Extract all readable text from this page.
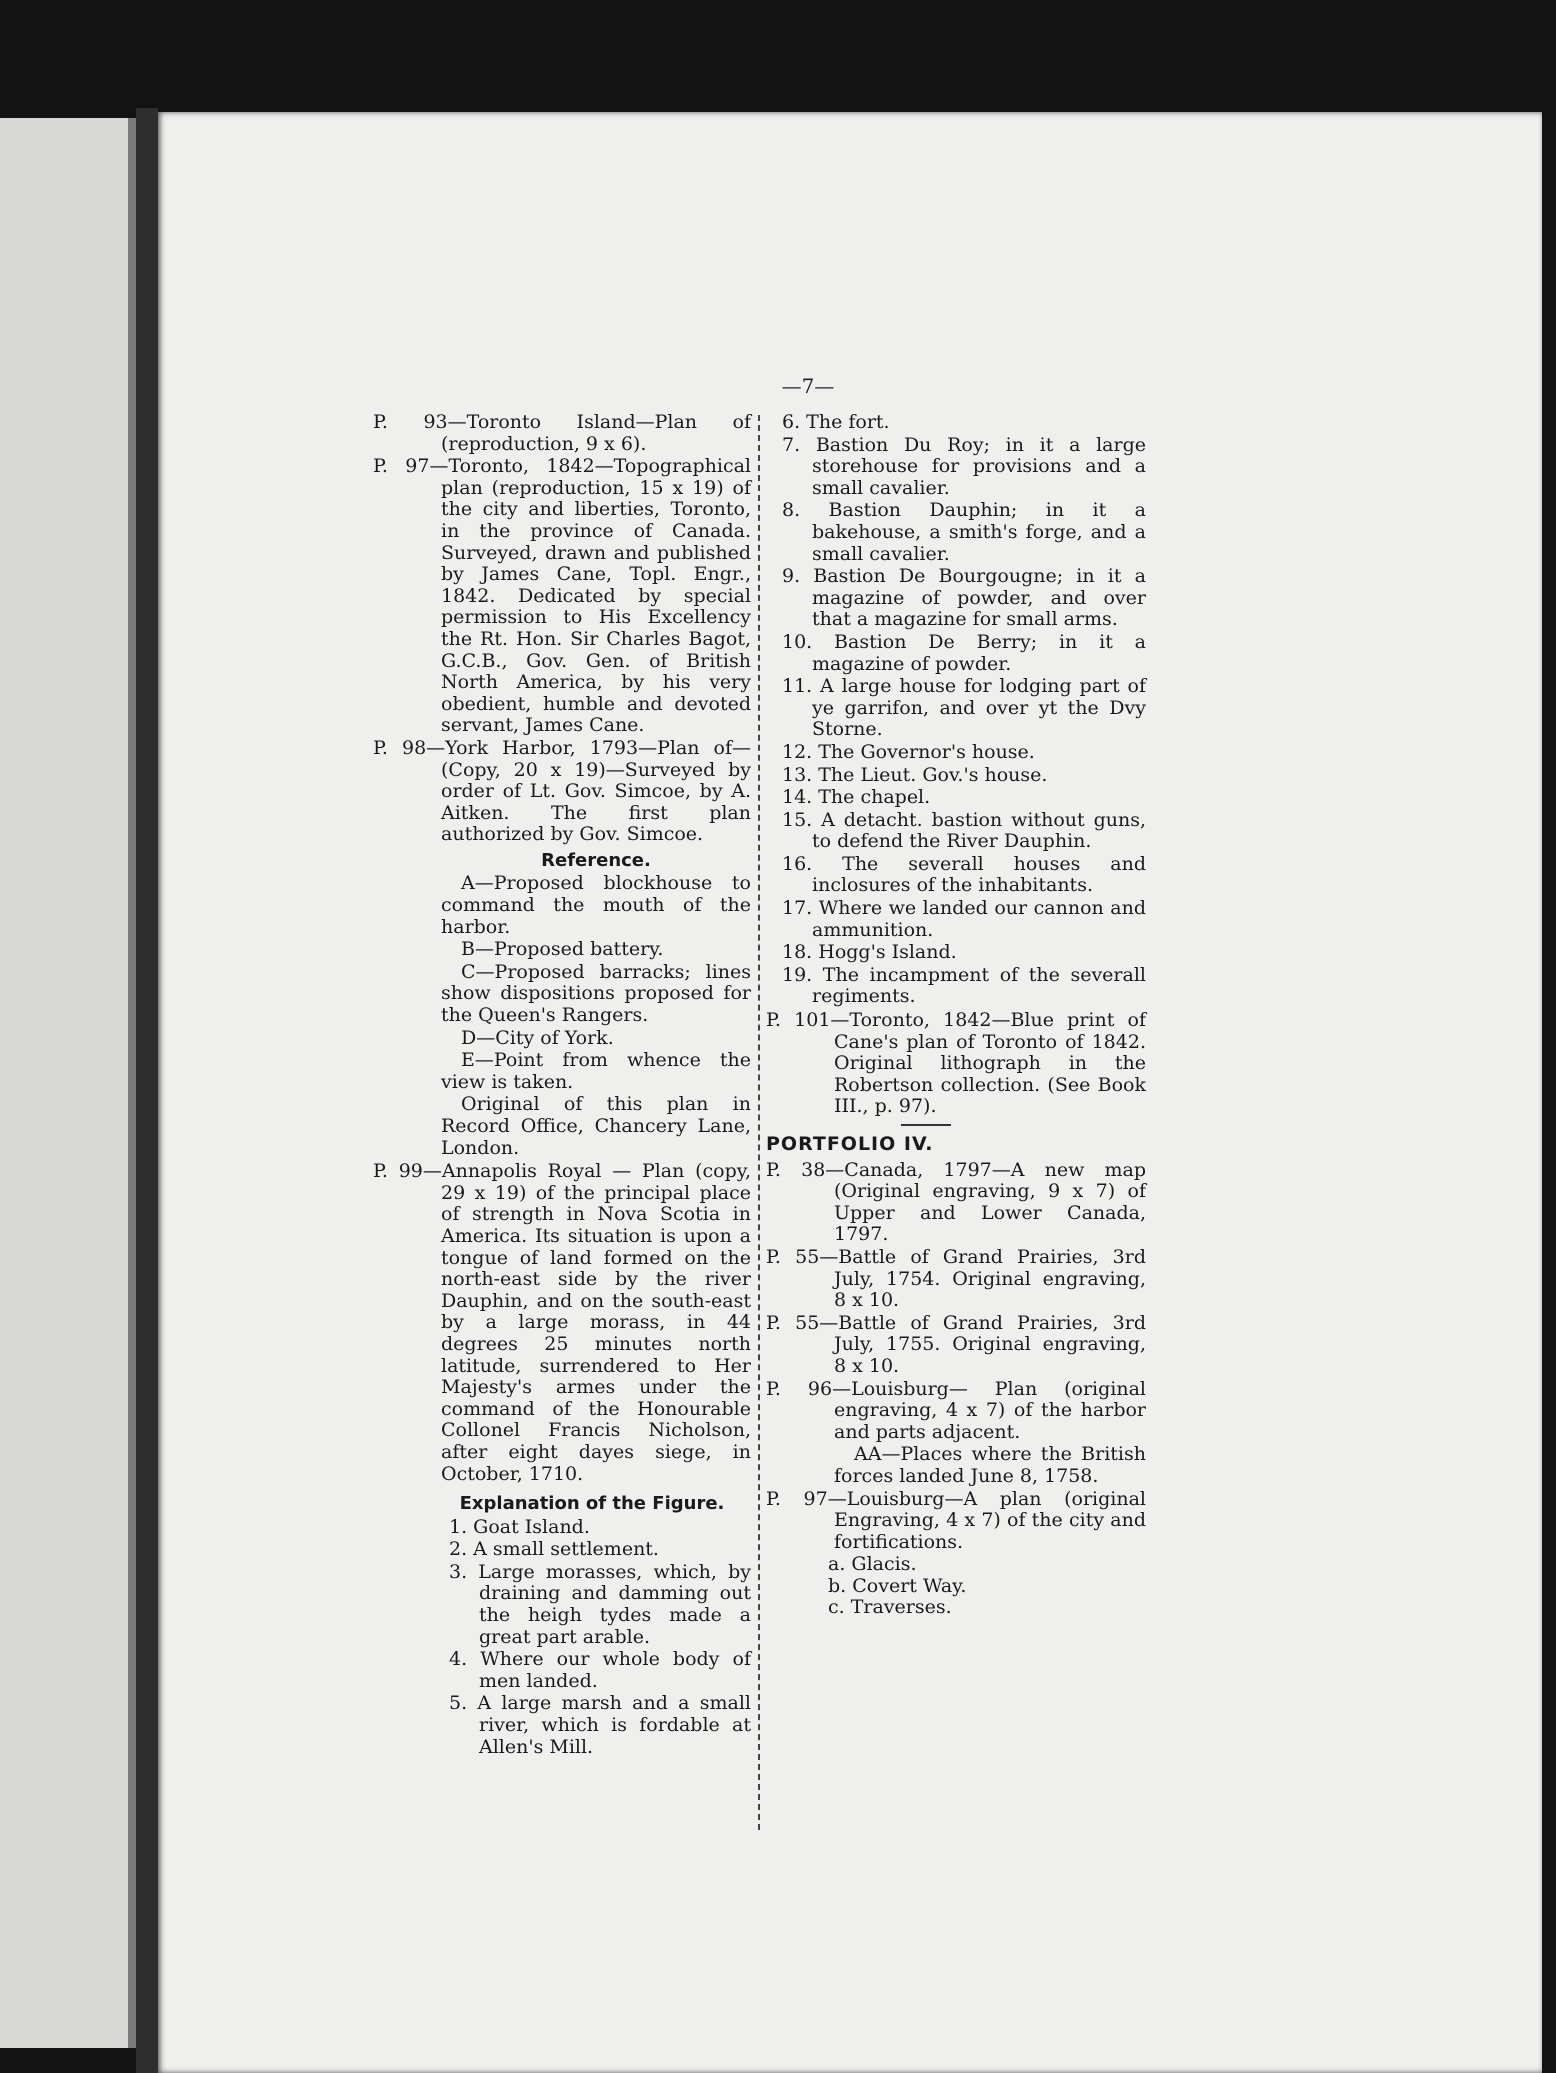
—7—
P. 93—Toronto Island—Plan of (reproduction, 9 x 6).
P. 97—Toronto, 1842—Topographical plan (reproduction, 15 x 19) of the city and liberties, Toronto, in the province of Canada. Surveyed, drawn and published by James Cane, Topl. Engr., 1842. Dedicated by special permission to His Excellency the Rt. Hon. Sir Charles Bagot, G.C.B., Gov. Gen. of British North America, by his very obedient, humble and devoted servant, James Cane.
P. 98—York Harbor, 1793—Plan of—(Copy, 20 x 19)—Surveyed by order of Lt. Gov. Simcoe, by A. Aitken. The first plan authorized by Gov. Simcoe.
Reference.
A—Proposed blockhouse to command the mouth of the harbor.
B—Proposed battery.
C—Proposed barracks; lines show dispositions proposed for the Queen's Rangers.
D—City of York.
E—Point from whence the view is taken.
Original of this plan in Record Office, Chancery Lane, London.
P. 99—Annapolis Royal — Plan (copy, 29 x 19) of the principal place of strength in Nova Scotia in America. Its situation is upon a tongue of land formed on the north-east side by the river Dauphin, and on the south-east by a large morass, in 44 degrees 25 minutes north latitude, surrendered to Her Majesty's armes under the command of the Honourable Collonel Francis Nicholson, after eight dayes siege, in October, 1710.
Explanation of the Figure.
1. Goat Island.
2. A small settlement.
3. Large morasses, which, by draining and damming out the heigh tydes made a great part arable.
4. Where our whole body of men landed.
5. A large marsh and a small river, which is fordable at Allen's Mill.
6. The fort.
7. Bastion Du Roy; in it a large storehouse for provisions and a small cavalier.
8. Bastion Dauphin; in it a bakehouse, a smith's forge, and a small cavalier.
9. Bastion De Bourgougne; in it a magazine of powder, and over that a magazine for small arms.
10. Bastion De Berry; in it a magazine of powder.
11. A large house for lodging part of ye garrifon, and over yt the Dvy Storne.
12. The Governor's house.
13. The Lieut. Gov.'s house.
14. The chapel.
15. A detacht. bastion without guns, to defend the River Dauphin.
16. The severall houses and inclosures of the inhabitants.
17. Where we landed our cannon and ammunition.
18. Hogg's Island.
19. The incampment of the severall regiments.
P. 101—Toronto, 1842—Blue print of Cane's plan of Toronto of 1842. Original lithograph in the Robertson collection. (See Book III., p. 97).
PORTFOLIO IV.
P. 38—Canada, 1797—A new map (Original engraving, 9 x 7) of Upper and Lower Canada, 1797.
P. 55—Battle of Grand Prairies, 3rd July, 1754. Original engraving, 8 x 10.
P. 55—Battle of Grand Prairies, 3rd July, 1755. Original engraving, 8 x 10.
P. 96—Louisburg— Plan (original engraving, 4 x 7) of the harbor and parts adjacent.
AA—Places where the British forces landed June 8, 1758.
P. 97—Louisburg—A plan (original Engraving, 4 x 7) of the city and fortifications.
a. Glacis.
b. Covert Way.
c. Traverses.
